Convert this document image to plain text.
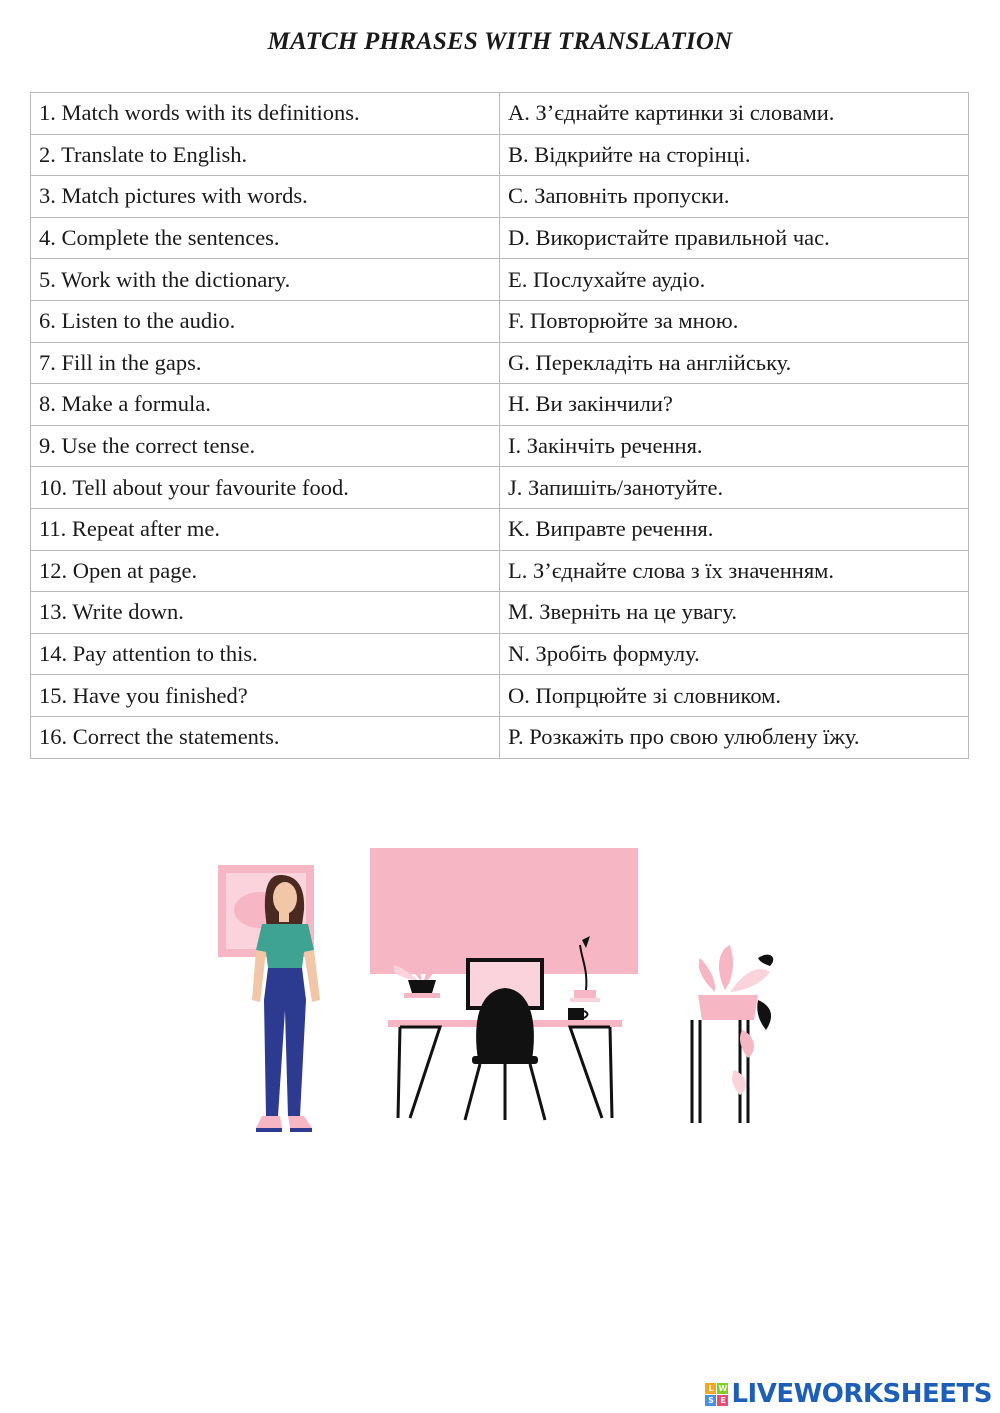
MATCH PHRASES WITH TRANSLATION
1. Match words with its definitions.	A. З’єднайте картинки зі словами.
2. Translate to English.	B. Відкрийте на сторінці.
3. Match pictures with words.	C. Заповніть пропуски.
4. Complete the sentences.	D. Використайте правильной час.
5. Work with the dictionary.	E. Послухайте аудіо.
6. Listen to the audio.	F. Повторюйте за мною.
7. Fill in the gaps.	G. Перекладіть на англійську.
8. Make a formula.	H. Ви закінчили?
9. Use the correct tense.	I. Закінчіть речення.
10. Tell about your favourite food.	J. Запишіть/занотуйте.
11. Repeat after me.	K. Виправте речення.
12. Open at page.	L. З’єднайте слова з їх значенням.
13. Write down.	M. Зверніть на це увагу.
14. Pay attention to this.	N. Зробіть формулу.
15. Have you finished?	O. Попрцюйте зі словником.
16. Correct the statements.	P. Розкажіть про свою улюблену їжу.
L W
S E LIVEWORKSHEETS
